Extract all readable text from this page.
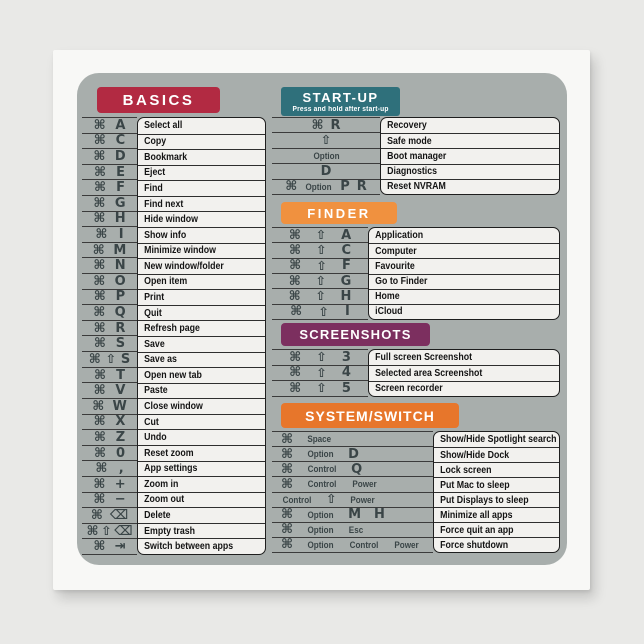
BASICS
⌘ A
⌘ C
⌘ D
⌘ E
⌘ F
⌘ G
⌘ H
⌘ I
⌘ M
⌘ N
⌘ O
⌘ P
⌘ Q
⌘ R
⌘ S
⌘ ⇧ S
⌘ T
⌘ V
⌘ W
⌘ X
⌘ Z
⌘ 0
⌘ ,
⌘ +
⌘ −
⌘ ⌫
⌘ ⇧ ⌫
⌘ ⇥
Select all
Copy
Bookmark
Eject
Find
Find next
Hide window
Show info
Minimize window
New window/folder
Open item
Print
Quit
Refresh page
Save
Save as
Open new tab
Paste
Close window
Cut
Undo
Reset zoom
App settings
Zoom in
Zoom out
Delete
Empty trash
Switch between apps
START-UP
Press and hold after start-up
⌘ R
⇧
Option
D
⌘ Option P R
Recovery
Safe mode
Boot manager
Diagnostics
Reset NVRAM
FINDER
⌘ ⇧ A
⌘ ⇧ C
⌘ ⇧ F
⌘ ⇧ G
⌘ ⇧ H
⌘ ⇧ I
Application
Computer
Favourite
Go to Finder
Home
iCloud
SCREENSHOTS
⌘ ⇧ 3
⌘ ⇧ 4
⌘ ⇧ 5
Full screen Screenshot
Selected area Screenshot
Screen recorder
SYSTEM/SWITCH
⌘ Space
⌘ Option D
⌘ Control Q
⌘ Control Power
Control ⇧ Power
⌘ Option M H
⌘ Option Esc
⌘ Option Control Power
Show/Hide Spotlight search
Show/Hide Dock
Lock screen
Put Mac to sleep
Put Displays to sleep
Minimize all apps
Force quit an app
Force shutdown
